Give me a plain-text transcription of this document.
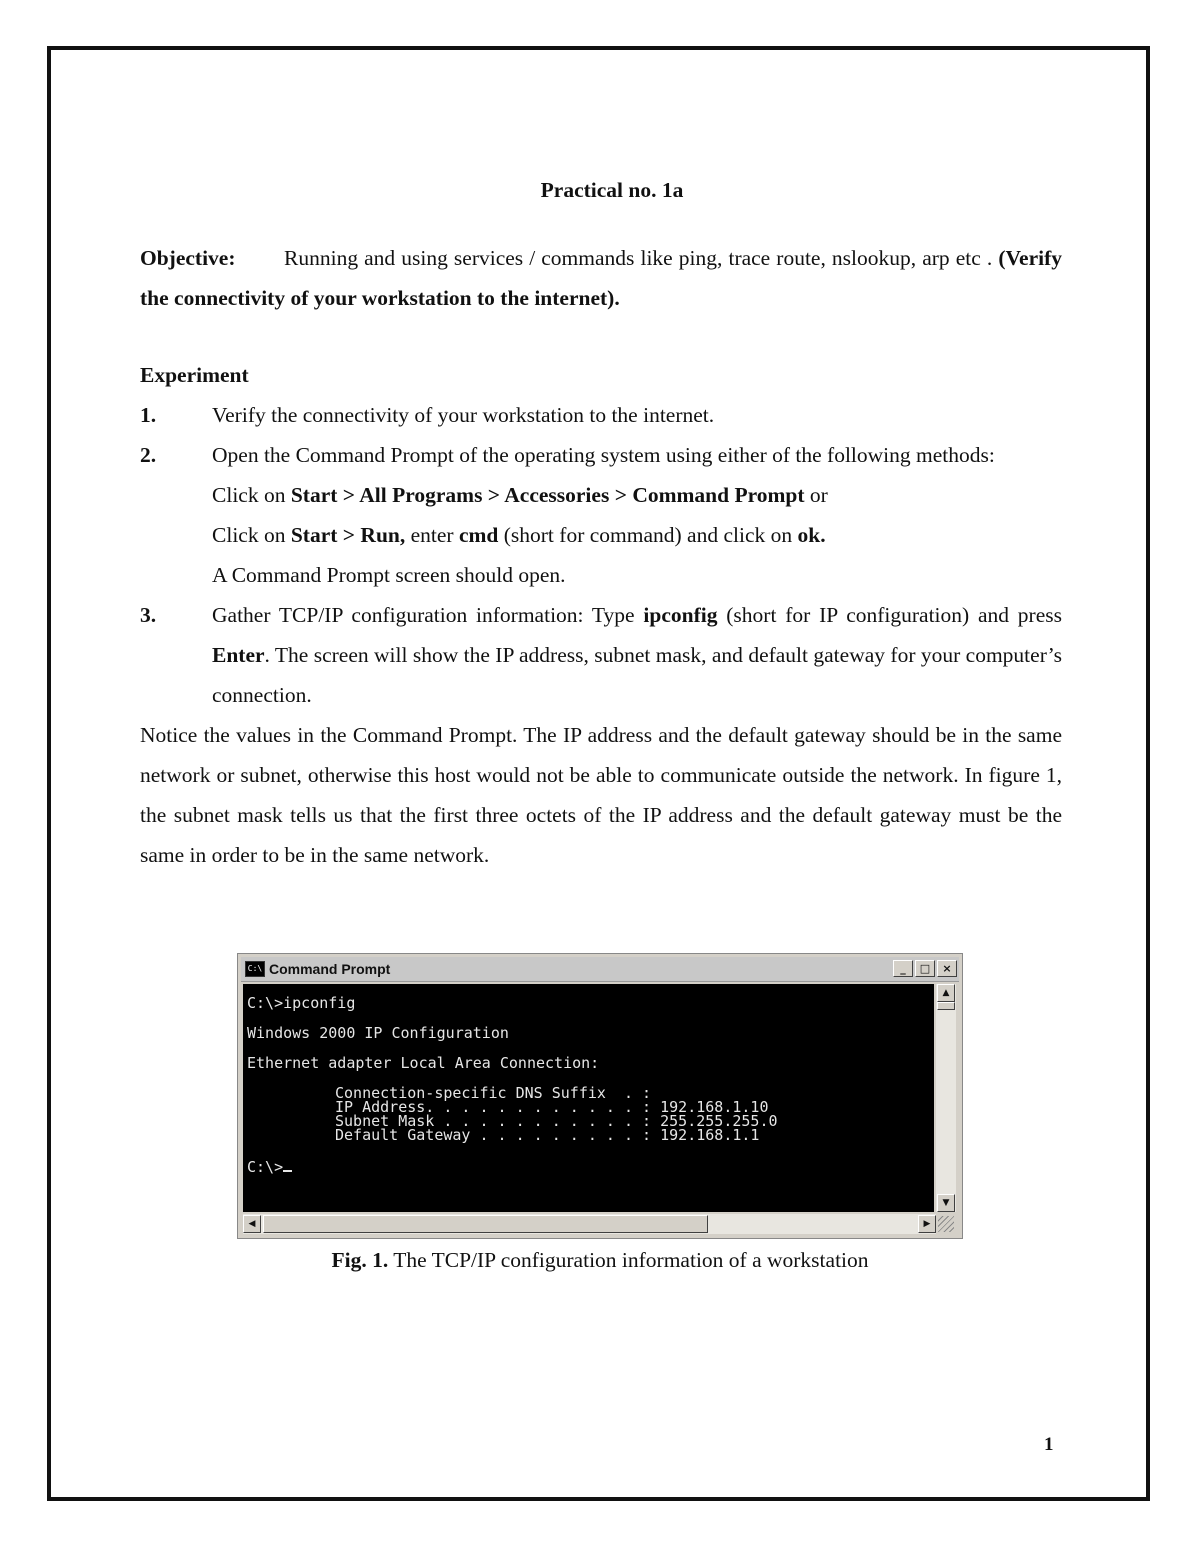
Practical no. 1a

Objective: Running and using services / commands like ping, trace route, nslookup, arp etc . (Verify the connectivity of your workstation to the internet).

Experiment
1.	Verify the connectivity of your workstation to the internet.
2.	Open the Command Prompt of the operating system using either of the following methods:
Click on Start > All Programs > Accessories > Command Prompt or
Click on Start > Run, enter cmd (short for command) and click on ok.
A Command Prompt screen should open.
3.	Gather TCP/IP configuration information: Type ipconfig (short for IP configuration) and press Enter. The screen will show the IP address, subnet mask, and default gateway for your computer’s connection.

Notice the values in the Command Prompt. The IP address and the default gateway should be in the same network or subnet, otherwise this host would not be able to communicate outside the network. In figure 1, the subnet mask tells us that the first three octets of the IP address and the default gateway must be the same in order to be in the same network.

C:\ Command Prompt	_	□	×
C:\>ipconfig
Windows 2000 IP Configuration
Ethernet adapter Local Area Connection:
Connection-specific DNS Suffix  . :
IP Address. . . . . . . . . . . . : 192.168.1.10
Subnet Mask . . . . . . . . . . . : 255.255.255.0
Default Gateway . . . . . . . . . : 192.168.1.1
C:\>
▲
▼
◀	▶
Fig. 1. The TCP/IP configuration information of a workstation
1
